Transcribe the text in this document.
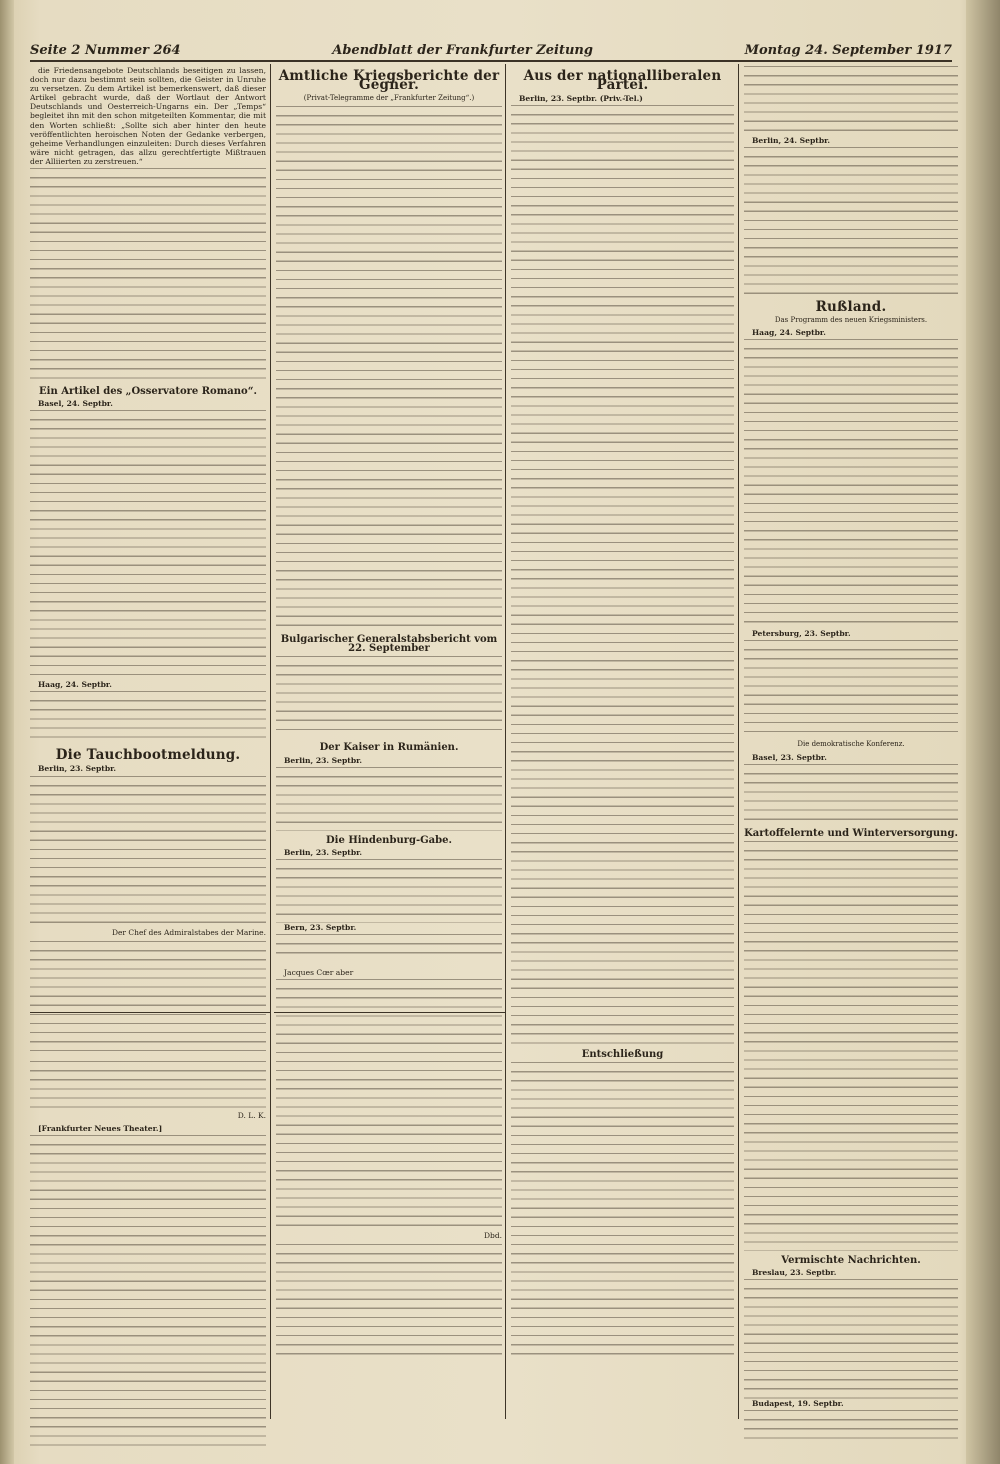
Seite 2 Nummer 264	Abendblatt der Frankfurter Zeitung	Montag 24. September 1917

die Friedensangebote Deutschlands beseitigen zu lassen, doch nur dazu bestimmt sein sollten, die Geister in Unruhe zu versetzen. Zu dem Artikel ist bemerkenswert, daß dieser Artikel gebracht wurde, daß der Wortlaut der Antwort Deutschlands und Oesterreich-Ungarns ein. Der „Temps“ begleitet ihn mit den schon mitgeteilten Kommentar, die mit den Worten schließt: „Sollte sich aber hinter den heute veröffentlichten heroischen Noten der Gedanke verbergen, geheime Verhandlungen einzuleiten: Durch dieses Verfahren wäre nicht getragen, das allzu gerechtfertigte Mißtrauen der Alliierten zu zerstreuen.“

Ein Artikel des „Osservatore Romano“.

Basel, 24. Septbr.

Haag, 24. Septbr.

Die Tauchbootmeldung.

Berlin, 23. Septbr.

Der Chef des Admiralstabes der Marine.
D. L. K.

[Frankfurter Neues Theater.]

Amtliche Kriegsberichte der Gegner.
(Privat-Telegramme der „Frankfurter Zeitung“.)
Bulgarischer Generalstabsbericht vom 22. September
Der Kaiser in Rumänien.

Berlin, 23. Septbr.

Die Hindenburg-Gabe.

Berlin, 23. Septbr.

Bern, 23. Septbr.

Jacques Cœr aber

Dbd.
Aus der nationalliberalen Partei.

Berlin, 23. Septbr. (Priv.-Tel.)

Entschließung

Berlin, 24. Septbr.

Rußland.
Das Programm des neuen Kriegsministers.

Haag, 24. Septbr.

Petersburg, 23. Septbr.

Die demokratische Konferenz.

Basel, 23. Septbr.

Kartoffelernte und Winterversorgung.
Vermischte Nachrichten.

Breslau, 23. Septbr.

Budapest, 19. Septbr.
